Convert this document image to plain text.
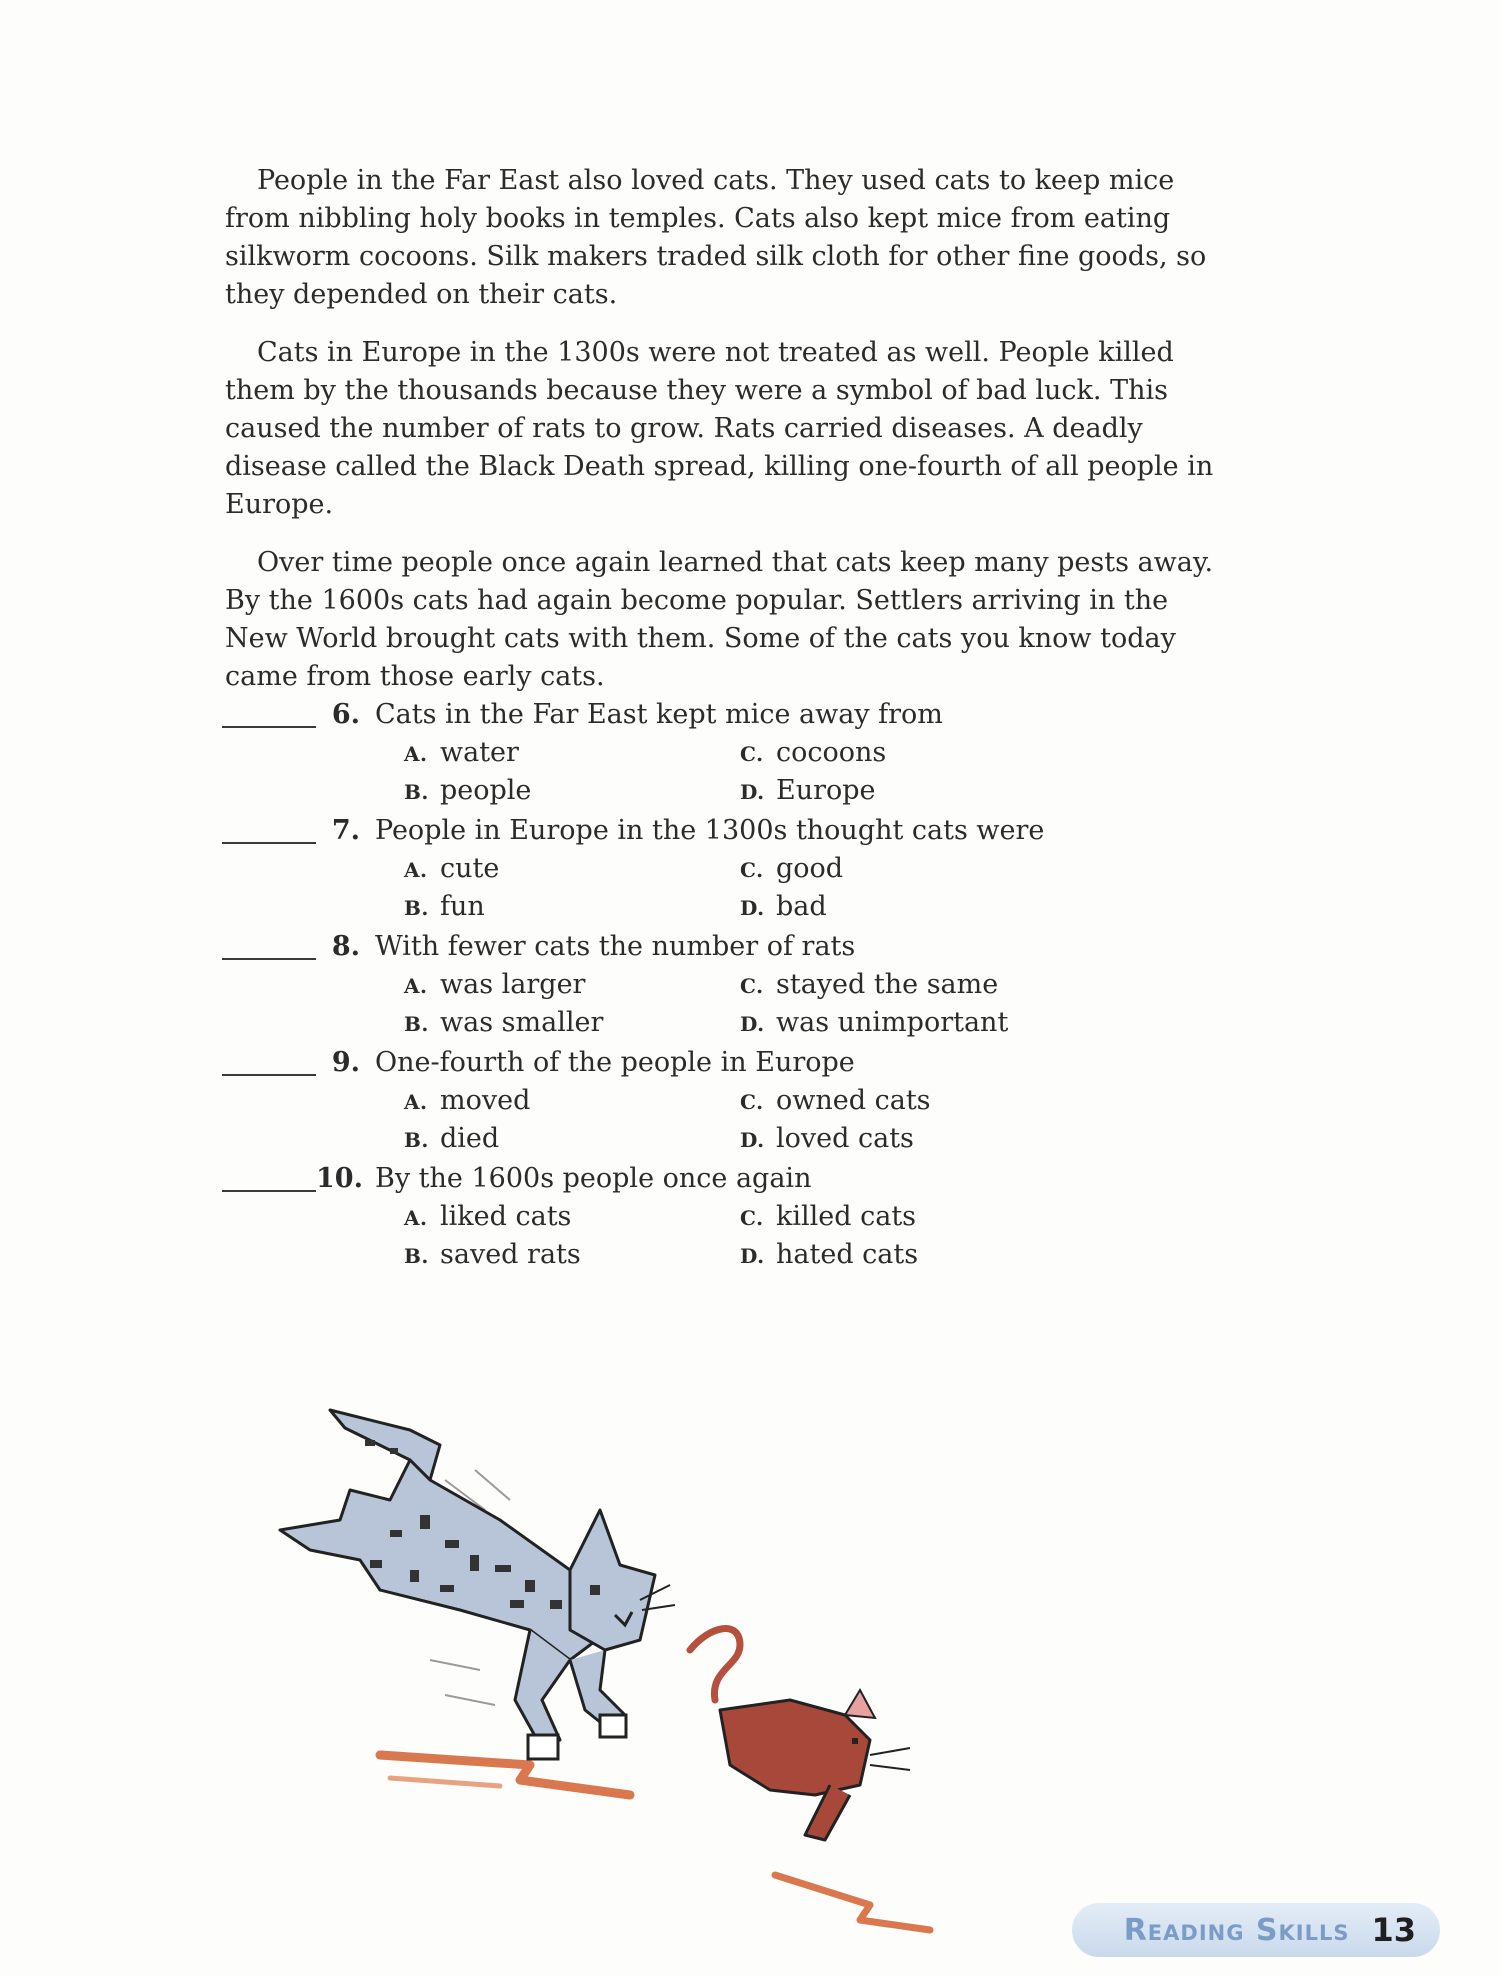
People in the Far East also loved cats. They used cats to keep mice from nibbling holy books in temples. Cats also kept mice from eating silkworm cocoons. Silk makers traded silk cloth for other fine goods, so they depended on their cats.

Cats in Europe in the 1300s were not treated as well. People killed them by the thousands because they were a symbol of bad luck. This caused the number of rats to grow. Rats carried diseases. A deadly disease called the Black Death spread, killing one-fourth of all people in Europe.

Over time people once again learned that cats keep many pests away. By the 1600s cats had again become popular. Settlers arriving in the New World brought cats with them. Some of the cats you know today came from those early cats.

6. Cats in the Far East kept mice away from
A. water	C. cocoons
B. people	D. Europe
7. People in Europe in the 1300s thought cats were
A. cute	C. good
B. fun	D. bad
8. With fewer cats the number of rats
A. was larger	C. stayed the same
B. was smaller	D. was unimportant
9. One-fourth of the people in Europe
A. moved	C. owned cats
B. died	D. loved cats
10. By the 1600s people once again
A. liked cats	C. killed cats
B. saved rats	D. hated cats
Reading Skills 13
